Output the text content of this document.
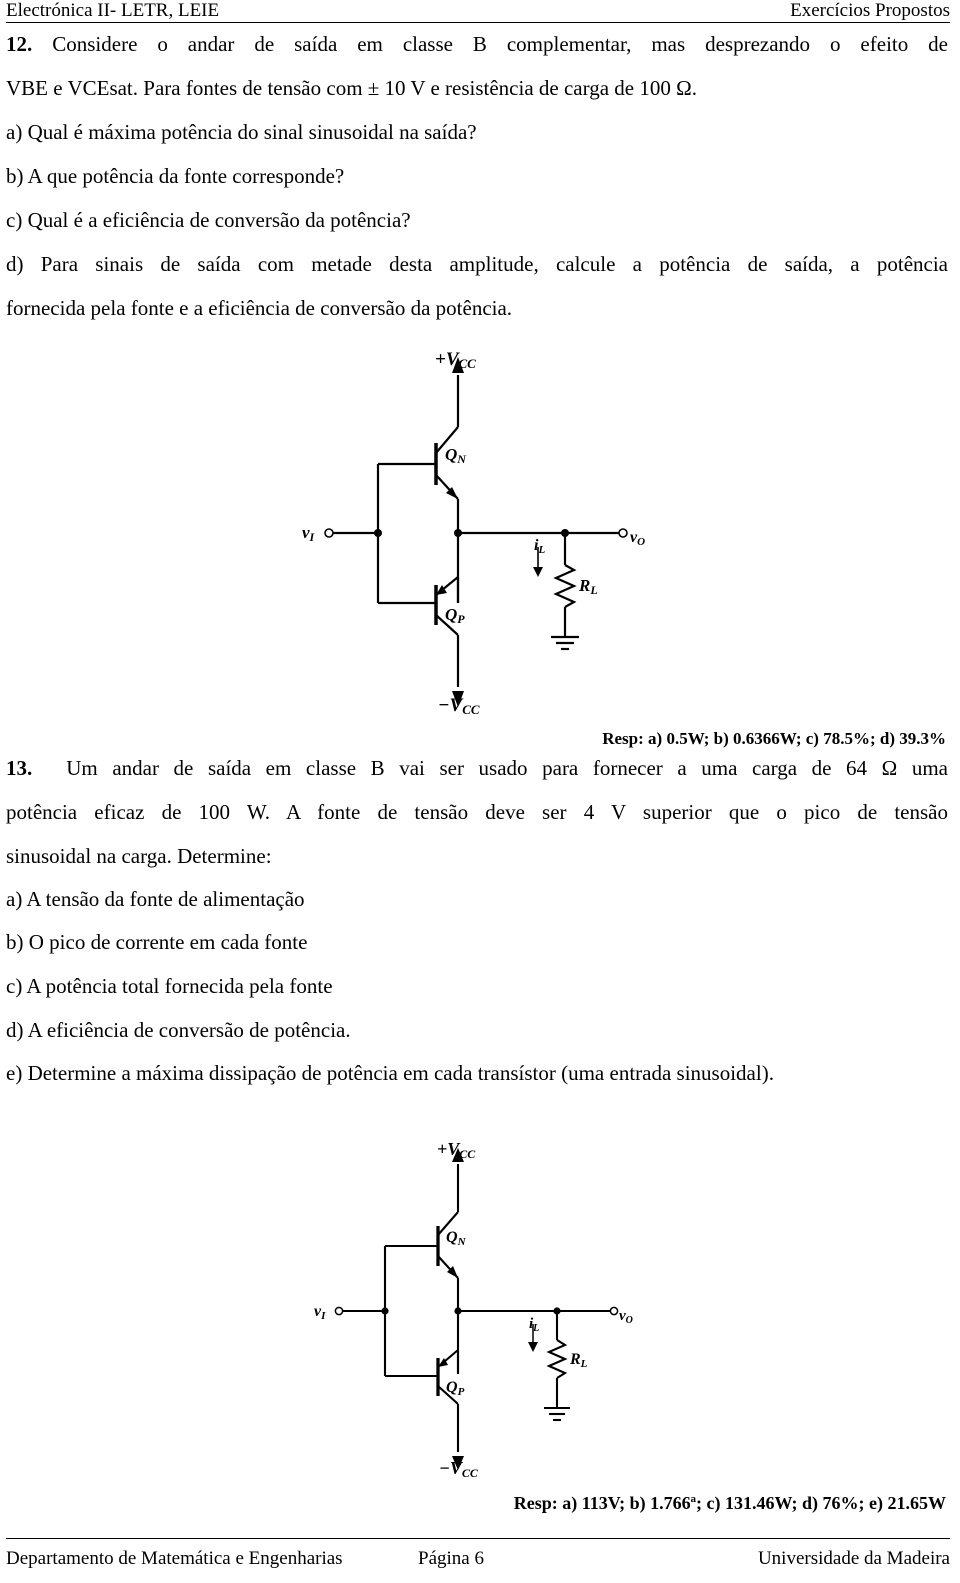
Electrónica II- LETR, LEIE	Exercícios Propostos
12. Considere o andar de saída em classe B complementar, mas desprezando o efeito de
VBE e VCEsat. Para fontes de tensão com ± 10 V e resistência de carga de 100 Ω.
a) Qual é máxima potência do sinal sinusoidal na saída?
b) A que potência da fonte corresponde?
c) Qual é a eficiência de conversão da potência?
d) Para sinais de saída com metade desta amplitude, calcule a potência de saída, a potência
fornecida pela fonte e a eficiência de conversão da potência.
+VCC
QN
QP
vI	vO
iL
RL
−VCC
Resp: a) 0.5W; b) 0.6366W; c) 78.5%; d) 39.3%
13. Um andar de saída em classe B vai ser usado para fornecer a uma carga de 64 Ω uma
potência eficaz de 100 W. A fonte de tensão deve ser 4 V superior que o pico de tensão
sinusoidal na carga. Determine:
a) A tensão da fonte de alimentação
b) O pico de corrente em cada fonte
c) A potência total fornecida pela fonte
d) A eficiência de conversão de potência.
e) Determine a máxima dissipação de potência em cada transístor (uma entrada sinusoidal).
+VCC
QN
QP
vI	$v_O$
$i_L$
RL
−VCC
Resp: a) 113V; b) 1.766ª; c) 131.46W; d) 76%; e) 21.65W
Departamento de Matemática e Engenharias	Página 6	Universidade da Madeira
